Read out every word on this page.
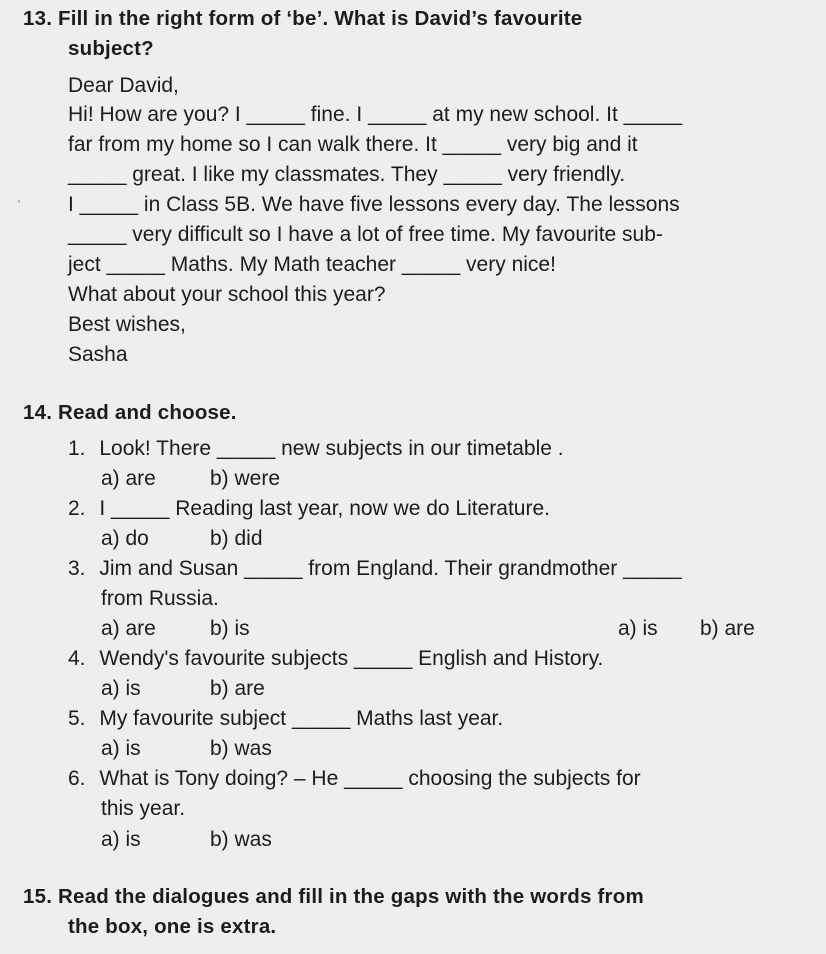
13. Fill in the right form of ‘be’. What is David’s favourite
subject?
Dear David,
Hi! How are you? I _____ fine. I _____ at my new school. It _____
far from my home so I can walk there. It _____ very big and it
_____ great. I like my classmates. They _____ very friendly.
I _____ in Class 5B. We have five lessons every day. The lessons
_____ very difficult so I have a lot of free time. My favourite sub-
ject _____ Maths. My Math teacher _____ very nice!
What about your school this year?
Best wishes,
Sasha
14. Read and choose.
1. Look! There _____ new subjects in our timetable .
a) are	b) were
2. I _____ Reading last year, now we do Literature.
a) do	b) did
3. Jim and Susan _____ from England. Their grandmother _____
from Russia.
a) are	b) is	a) is b) are
4. Wendy's favourite subjects _____ English and History.
a) is	b) are
5. My favourite subject _____ Maths last year.
a) is	b) was
6. What is Tony doing? – He _____ choosing the subjects for
this year.
a) is	b) was
15. Read the dialogues and fill in the gaps with the words from
the box, one is extra.
